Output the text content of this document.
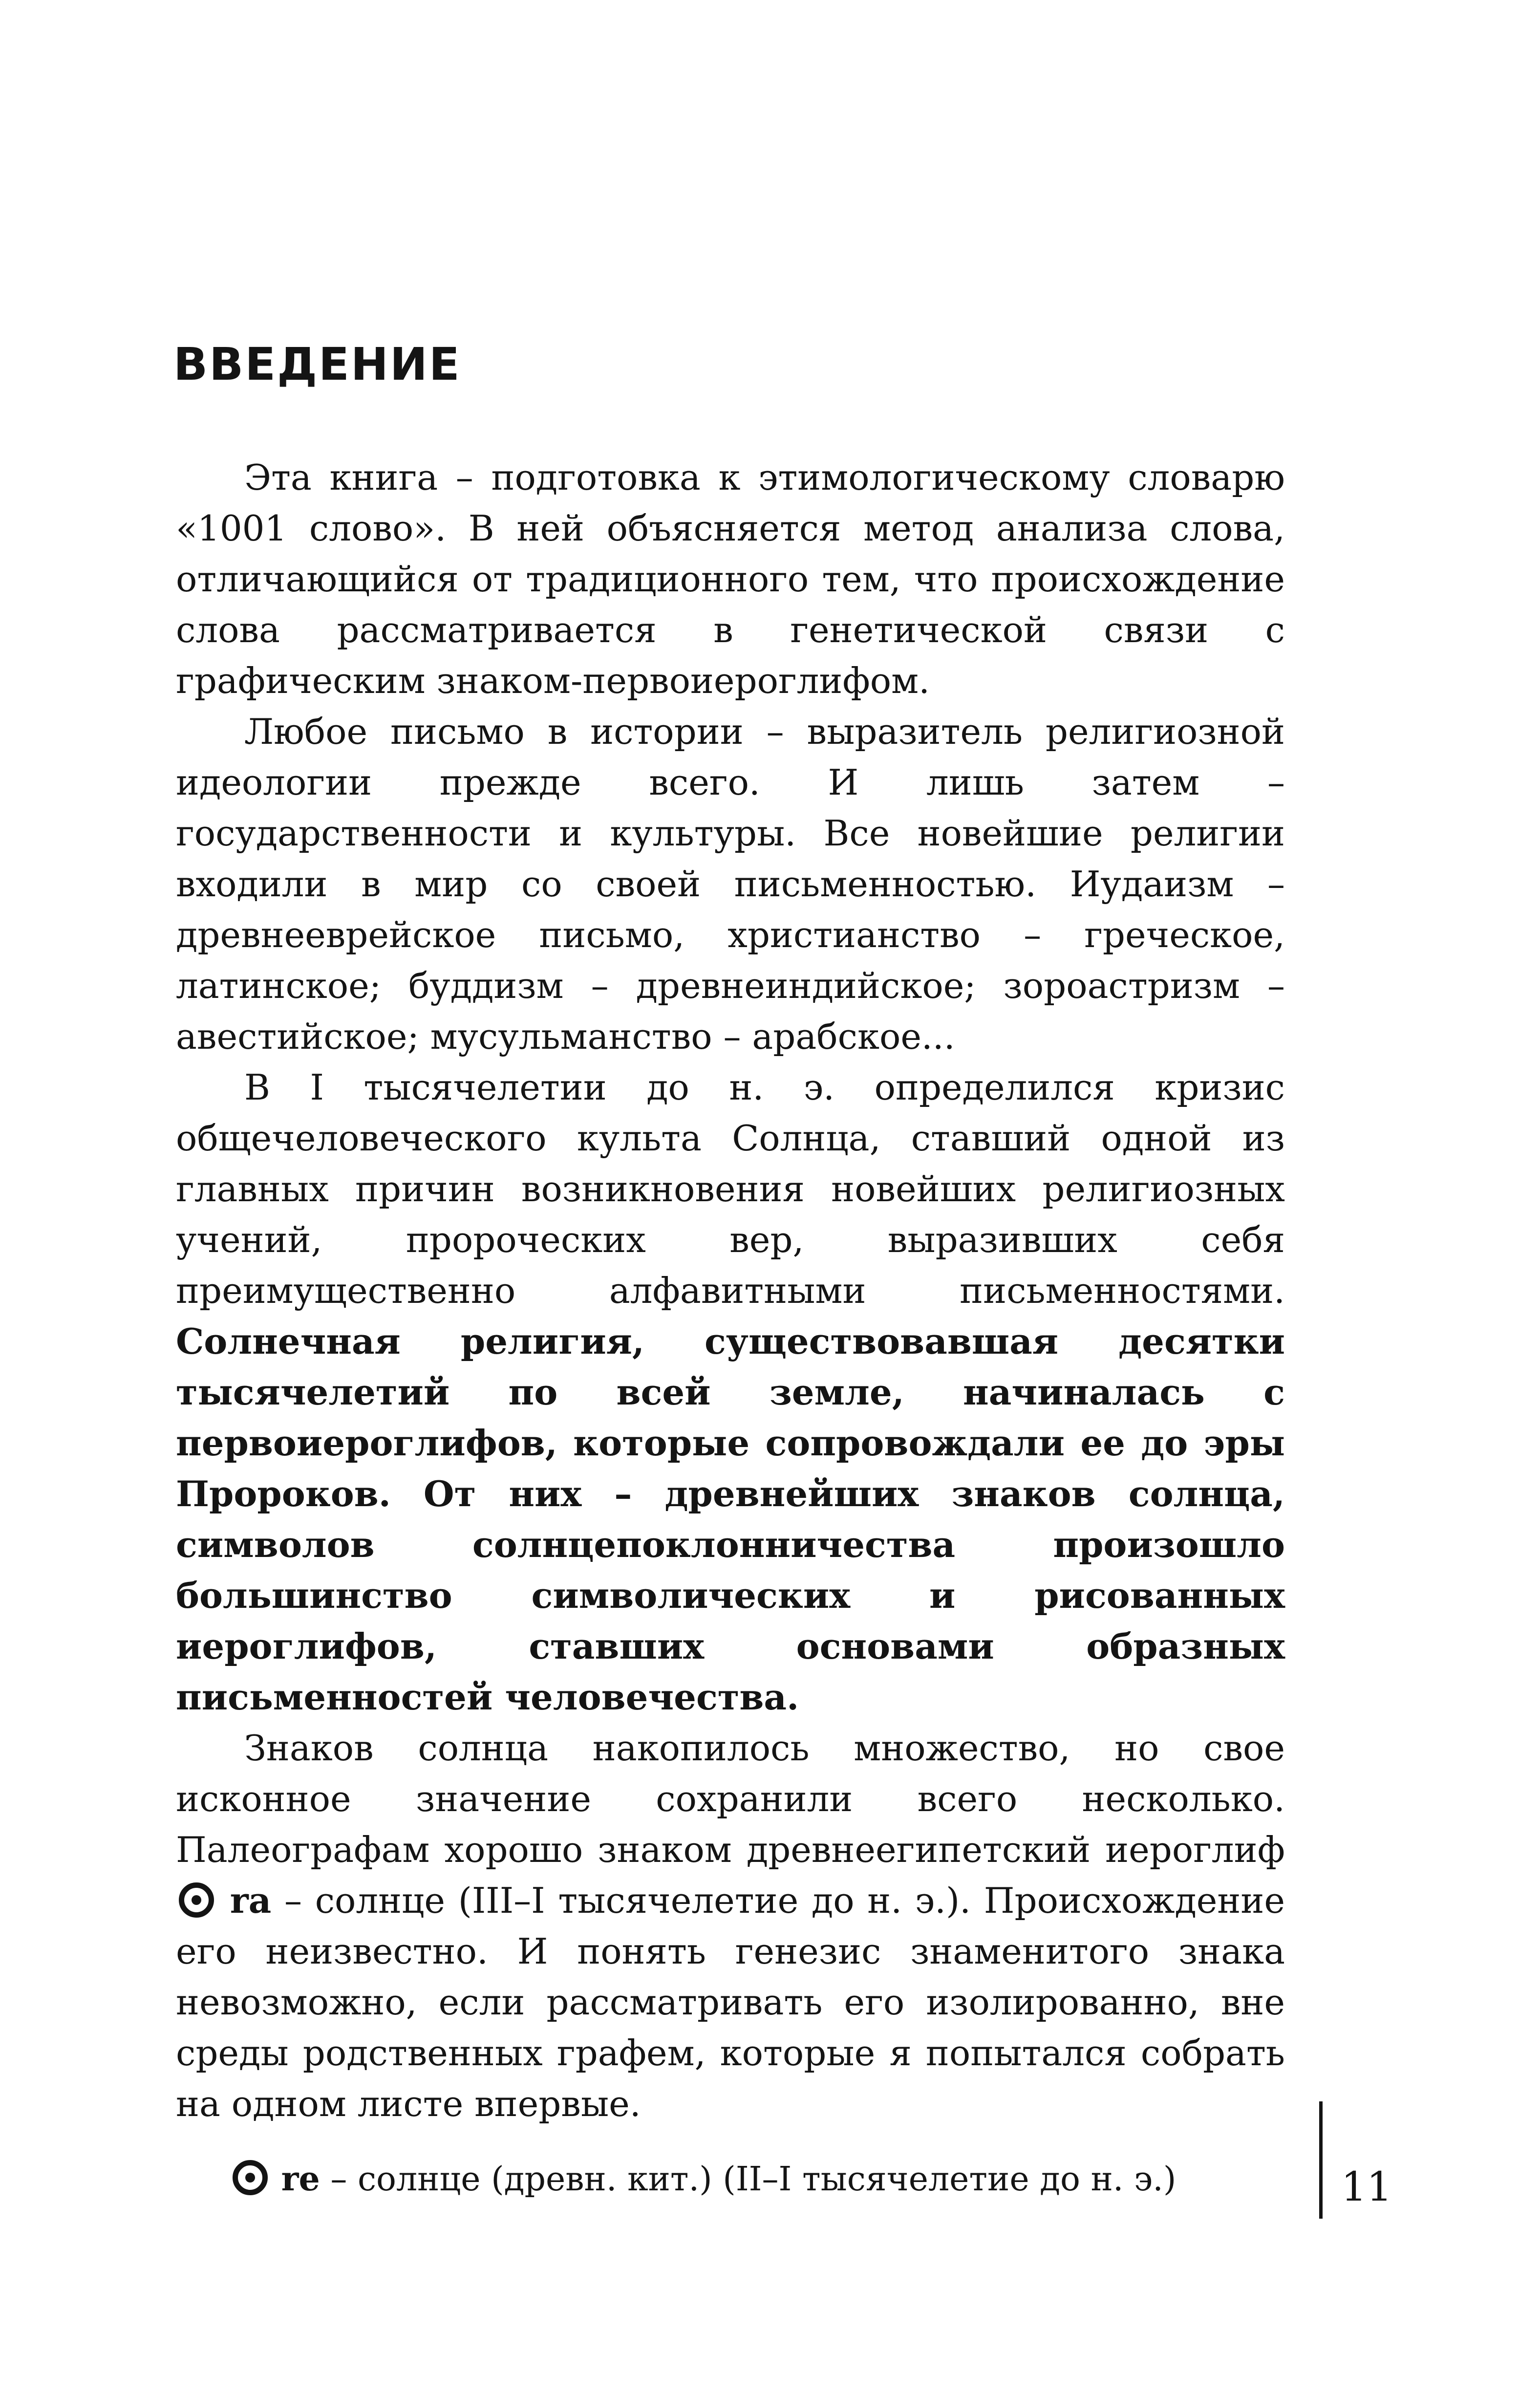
ВВЕДЕНИЕ

Эта книга – подготовка к этимологическому словарю «1001 слово». В ней объясняется метод анализа слова, отличающийся от традиционного тем, что происхождение слова рассматривается в генетической связи с графическим знаком-первоиероглифом.

Любое письмо в истории – выразитель религиозной идеологии прежде всего. И лишь затем – государственности и культуры. Все новейшие религии входили в мир со своей письменностью. Иудаизм – древнееврейское письмо, христианство – греческое, латинское; буддизм – древнеиндийское; зороастризм – авестийское; мусульманство – арабское...

В I тысячелетии до н. э. определился кризис общечеловеческого культа Солнца, ставший одной из главных причин возникновения новейших религиозных учений, пророческих вер, выразивших себя преимущественно алфавитными письменностями. Солнечная религия, существовавшая десятки тысячелетий по всей земле, начиналась с первоиероглифов, которые сопровождали ее до эры Пророков. От них – древнейших знаков солнца, символов солнцепоклонничества произошло большинство символических и рисованных иероглифов, ставших основами образных письменностей человечества.

Знаков солнца накопилось множество, но свое исконное значение сохранили всего несколько. Палеографам хорошо знаком древнеегипетский иероглиф  ra – солнце (III–I тысячелетие до н. э.). Происхождение его неизвестно. И понять генезис знаменитого знака невозможно, если рассматривать его изолированно, вне среды родственных графем, которые я попытался собрать на одном листе впервые.

re – солнце (древн. кит.) (II–I тысячелетие до н. э.)	11
